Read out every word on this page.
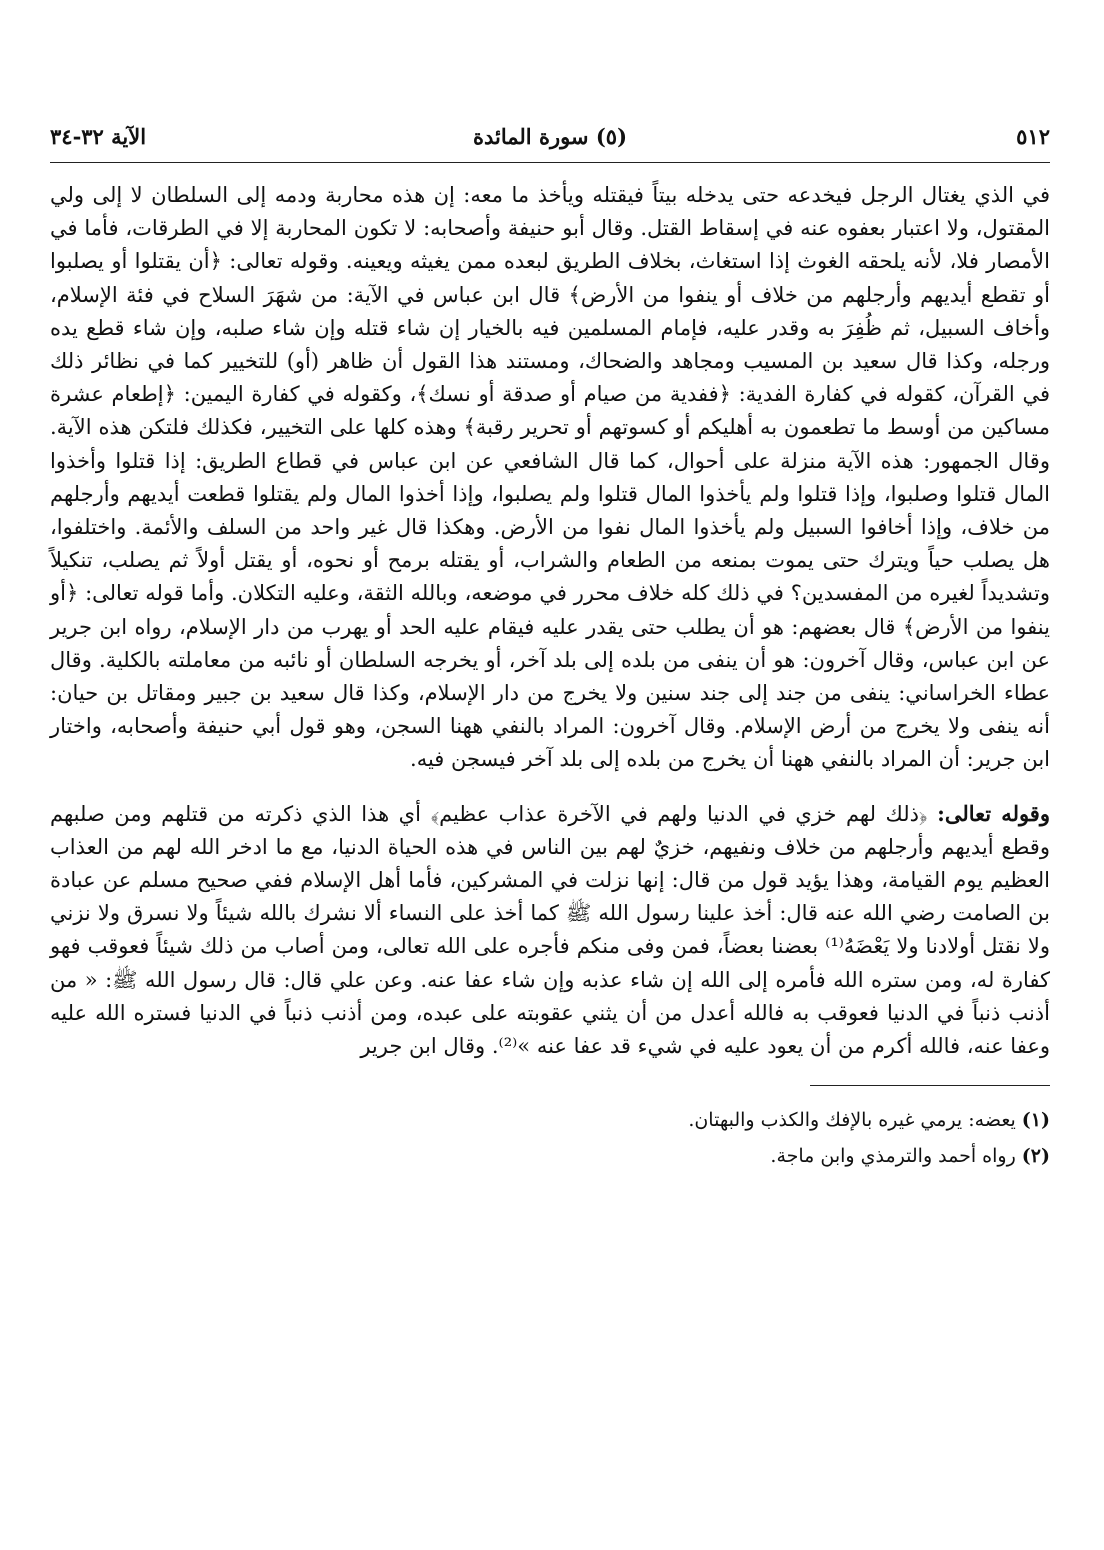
٥١٢
(٥) سورة المائدة
الآية ٣٢-٣٤

في الذي يغتال الرجل فيخدعه حتى يدخله بيتاً فيقتله ويأخذ ما معه: إن هذه محاربة ودمه إلى السلطان لا إلى ولي المقتول، ولا اعتبار بعفوه عنه في إسقاط القتل. وقال أبو حنيفة وأصحابه: لا تكون المحاربة إلا في الطرقات، فأما في الأمصار فلا، لأنه يلحقه الغوث إذا استغاث، بخلاف الطريق لبعده ممن يغيثه ويعينه. وقوله تعالى: ﴿أن يقتلوا أو يصلبوا أو تقطع أيديهم وأرجلهم من خلاف أو ينفوا من الأرض﴾ قال ابن عباس في الآية: من شهَرَ السلاح في فئة الإسلام، وأخاف السبيل، ثم ظُفِرَ به وقدر عليه، فإمام المسلمين فيه بالخيار إن شاء قتله وإن شاء صلبه، وإن شاء قطع يده ورجله، وكذا قال سعيد بن المسيب ومجاهد والضحاك، ومستند هذا القول أن ظاهر (أو) للتخيير كما في نظائر ذلك في القرآن، كقوله في كفارة الفدية: ﴿ففدية من صيام أو صدقة أو نسك﴾، وكقوله في كفارة اليمين: ﴿إطعام عشرة مساكين من أوسط ما تطعمون به أهليكم أو كسوتهم أو تحرير رقبة﴾ وهذه كلها على التخيير، فكذلك فلتكن هذه الآية. وقال الجمهور: هذه الآية منزلة على أحوال، كما قال الشافعي عن ابن عباس في قطاع الطريق: إذا قتلوا وأخذوا المال قتلوا وصلبوا، وإذا قتلوا ولم يأخذوا المال قتلوا ولم يصلبوا، وإذا أخذوا المال ولم يقتلوا قطعت أيديهم وأرجلهم من خلاف، وإذا أخافوا السبيل ولم يأخذوا المال نفوا من الأرض. وهكذا قال غير واحد من السلف والأئمة. واختلفوا، هل يصلب حياً ويترك حتى يموت بمنعه من الطعام والشراب، أو يقتله برمح أو نحوه، أو يقتل أولاً ثم يصلب، تنكيلاً وتشديداً لغيره من المفسدين؟ في ذلك كله خلاف محرر في موضعه، وبالله الثقة، وعليه التكلان. وأما قوله تعالى: ﴿أو ينفوا من الأرض﴾ قال بعضهم: هو أن يطلب حتى يقدر عليه فيقام عليه الحد أو يهرب من دار الإسلام، رواه ابن جرير عن ابن عباس، وقال آخرون: هو أن ينفى من بلده إلى بلد آخر، أو يخرجه السلطان أو نائبه من معاملته بالكلية. وقال عطاء الخراساني: ينفى من جند إلى جند سنين ولا يخرج من دار الإسلام، وكذا قال سعيد بن جبير ومقاتل بن حيان: أنه ينفى ولا يخرج من أرض الإسلام. وقال آخرون: المراد بالنفي ههنا السجن، وهو قول أبي حنيفة وأصحابه، واختار ابن جرير: أن المراد بالنفي ههنا أن يخرج من بلده إلى بلد آخر فيسجن فيه.

وقوله تعالى: ﴿ذلك لهم خزي في الدنيا ولهم في الآخرة عذاب عظيم﴾ أي هذا الذي ذكرته من قتلهم ومن صلبهم وقطع أيديهم وأرجلهم من خلاف ونفيهم، خزيٌ لهم بين الناس في هذه الحياة الدنيا، مع ما ادخر الله لهم من العذاب العظيم يوم القيامة، وهذا يؤيد قول من قال: إنها نزلت في المشركين، فأما أهل الإسلام ففي صحيح مسلم عن عبادة بن الصامت رضي الله عنه قال: أخذ علينا رسول الله ﷺ كما أخذ على النساء ألا نشرك بالله شيئاً ولا نسرق ولا نزني ولا نقتل أولادنا ولا يَعْضَهُ⁽¹⁾ بعضنا بعضاً، فمن وفى منكم فأجره على الله تعالى، ومن أصاب من ذلك شيئاً فعوقب فهو كفارة له، ومن ستره الله فأمره إلى الله إن شاء عذبه وإن شاء عفا عنه. وعن علي قال: قال رسول الله ﷺ: « من أذنب ذنباً في الدنيا فعوقب به فالله أعدل من أن يثني عقوبته على عبده، ومن أذنب ذنباً في الدنيا فستره الله عليه وعفا عنه، فالله أكرم من أن يعود عليه في شيء قد عفا عنه »⁽²⁾. وقال ابن جرير

(١)يعضه: يرمي غيره بالإفك والكذب والبهتان.

(٢)رواه أحمد والترمذي وابن ماجة.
